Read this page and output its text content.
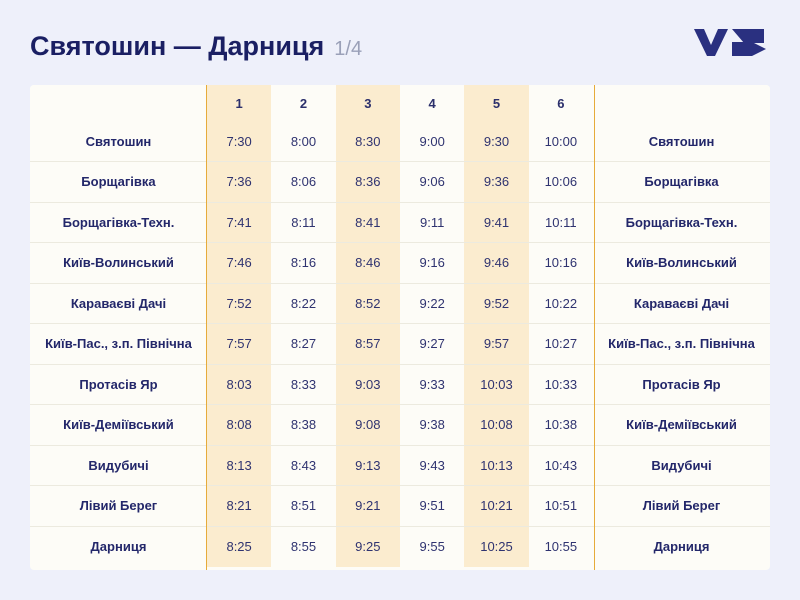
Святошин — Дарниця 1/4
	1	2	3	4	5	6	
Святошин	7:30	8:00	8:30	9:00	9:30	10:00	Святошин
Борщагівка	7:36	8:06	8:36	9:06	9:36	10:06	Борщагівка
Борщагівка-Техн.	7:41	8:11	8:41	9:11	9:41	10:11	Борщагівка-Техн.
Київ-Волинський	7:46	8:16	8:46	9:16	9:46	10:16	Київ-Волинський
Караваєві Дачі	7:52	8:22	8:52	9:22	9:52	10:22	Караваєві Дачі
Київ-Пас., з.п. Північна	7:57	8:27	8:57	9:27	9:57	10:27	Київ-Пас., з.п. Північна
Протасів Яр	8:03	8:33	9:03	9:33	10:03	10:33	Протасів Яр
Київ-Деміївський	8:08	8:38	9:08	9:38	10:08	10:38	Київ-Деміївський
Видубичі	8:13	8:43	9:13	9:43	10:13	10:43	Видубичі
Лівий Берег	8:21	8:51	9:21	9:51	10:21	10:51	Лівий Берег
Дарниця	8:25	8:55	9:25	9:55	10:25	10:55	Дарниця
